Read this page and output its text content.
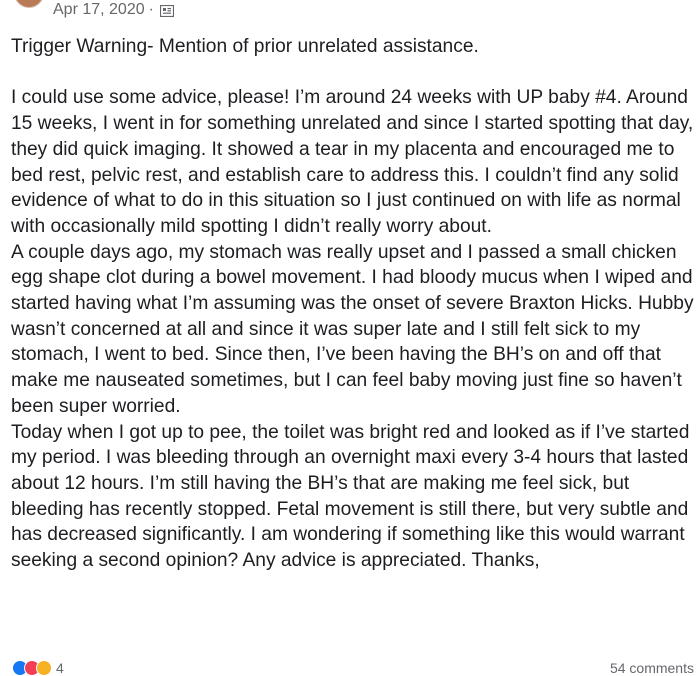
Apr 17, 2020 ·

Trigger Warning- Mention of prior unrelated assistance.

I could use some advice, please! I’m around 24 weeks with UP baby #4. Around 15 weeks, I went in for something unrelated and since I started spotting that day, they did quick imaging. It showed a tear in my placenta and encouraged me to bed rest, pelvic rest, and establish care to address this. I couldn’t find any solid evidence of what to do in this situation so I just continued on with life as normal with occasionally mild spotting I didn’t really worry about.

A couple days ago, my stomach was really upset and I passed a small chicken egg shape clot during a bowel movement. I had bloody mucus when I wiped and started having what I’m assuming was the onset of severe Braxton Hicks. Hubby wasn’t concerned at all and since it was super late and I still felt sick to my stomach, I went to bed. Since then, I’ve been having the BH’s on and off that make me nauseated sometimes, but I can feel baby moving just fine so haven’t been super worried.

Today when I got up to pee, the toilet was bright red and looked as if I’ve started my period. I was bleeding through an overnight maxi every 3-4 hours that lasted about 12 hours. I’m still having the BH’s that are making me feel sick, but bleeding has recently stopped. Fetal movement is still there, but very subtle and has decreased significantly. I am wondering if something like this would warrant seeking a second opinion? Any advice is appreciated. Thanks,

4	54 comments
